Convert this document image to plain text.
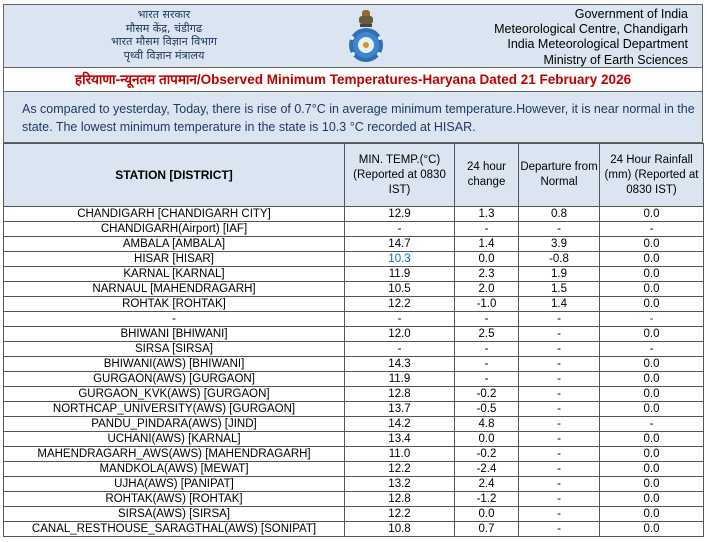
भारत सरकार
मौसम केंद्र, चंडीगढ
भारत मौसम विज्ञान विभाग
पृथ्वी विज्ञान मंत्रालय
Government of India
Meteorological Centre, Chandigarh
India Meteorological Department
Ministry of Earth Sciences
हरियाणा-न्यूनतम तापमान/Observed Minimum Temperatures-Haryana Dated 21 February 2026
As compared to yesterday, Today, there is rise of 0.7°C in average minimum temperature.However, it is near normal in the state. The lowest minimum temperature in the state is 10.3 °C recorded at HISAR.
STATION [DISTRICT]	MIN. TEMP.(°C) (Reported at 0830 IST)	24 hour change	Departure from Normal	24 Hour Rainfall (mm) (Reported at 0830 IST)
CHANDIGARH [CHANDIGARH CITY]	12.9	1.3	0.8	0.0
CHANDIGARH(Airport) [IAF]	-	-	-	-
AMBALA [AMBALA]	14.7	1.4	3.9	0.0
HISAR [HISAR]	10.3	0.0	-0.8	0.0
KARNAL [KARNAL]	11.9	2.3	1.9	0.0
NARNAUL [MAHENDRAGARH]	10.5	2.0	1.5	0.0
ROHTAK [ROHTAK]	12.2	-1.0	1.4	0.0
-	-	-	-	-
BHIWANI [BHIWANI]	12.0	2.5	-	0.0
SIRSA [SIRSA]	-	-	-	-
BHIWANI(AWS) [BHIWANI]	14.3	-	-	0.0
GURGAON(AWS) [GURGAON]	11.9	-	-	0.0
GURGAON_KVK(AWS) [GURGAON]	12.8	-0.2	-	0.0
NORTHCAP_UNIVERSITY(AWS) [GURGAON]	13.7	-0.5	-	0.0
PANDU_PINDARA(AWS) [JIND]	14.2	4.8	-	-
UCHANI(AWS) [KARNAL]	13.4	0.0	-	0.0
MAHENDRAGARH_AWS(AWS) [MAHENDRAGARH]	11.0	-0.2	-	0.0
MANDKOLA(AWS) [MEWAT]	12.2	-2.4	-	0.0
UJHA(AWS) [PANIPAT]	13.2	2.4	-	0.0
ROHTAK(AWS) [ROHTAK]	12.8	-1.2	-	0.0
SIRSA(AWS) [SIRSA]	12.2	0.0	-	0.0
CANAL_RESTHOUSE_SARAGTHAL(AWS) [SONIPAT]	10.8	0.7	-	0.0
